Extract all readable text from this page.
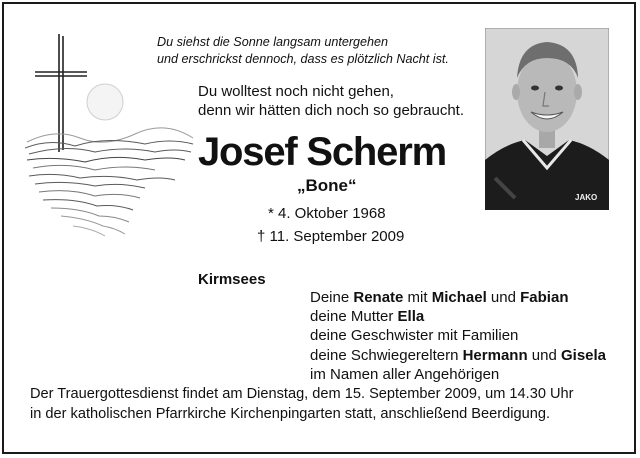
Du siehst die Sonne langsam untergehen
und erschrickst dennoch, dass es plötzlich Nacht ist.

Du wolltest noch nicht gehen,
denn wir hätten dich noch so gebraucht.

Josef Scherm

„Bone“

* 4. Oktober 1968

† 11. September 2009

JAKO

Kirmsees

Deine Renate mit Michael und Fabian
deine Mutter Ella
deine Geschwister mit Familien
deine Schwiegereltern Hermann und Gisela
im Namen aller Angehörigen

Der Trauergottesdienst findet am Dienstag, dem 15. September 2009, um 14.30 Uhr
in der katholischen Pfarrkirche Kirchenpingarten statt, anschließend Beerdigung.
